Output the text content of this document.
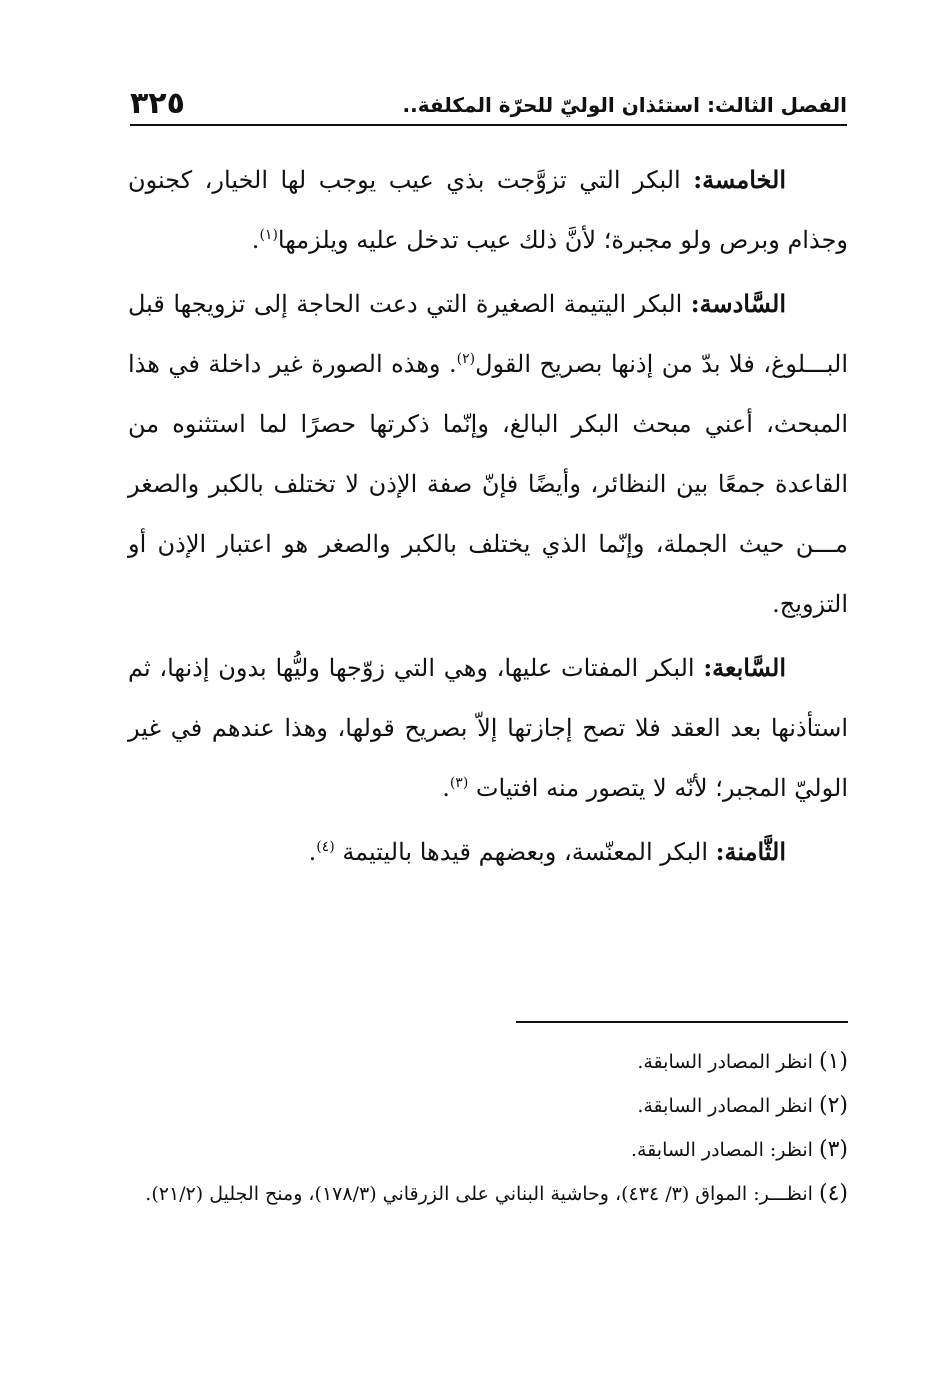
الفصل الثالث: استئذان الوليّ للحرّة المكلفة..
٣٢٥

الخامسة: البكر التي تزوَّجت بذي عيب يوجب لها الخيار، كجنون وجذام وبرص ولو مجبرة؛ لأنَّ ذلك عيب تدخل عليه ويلزمها$^{(١)}$.

السَّادسة: البكر اليتيمة الصغيرة التي دعت الحاجة إلى تزويجها قبل البـــلوغ، فلا بدّ من إذنها بصريح القول$^{(٢)}$. وهذه الصورة غير داخلة في هذا المبحث، أعني مبحث البكر البالغ، وإنّما ذكرتها حصرًا لما استثنوه من القاعدة جمعًا بين النظائر، وأيضًا فإنّ صفة الإذن لا تختلف بالكبر والصغر مـــن حيث الجملة، وإنّما الذي يختلف بالكبر والصغر هو اعتبار الإذن أو التزويج.

السَّابعة: البكر المفتات عليها، وهي التي زوّجها وليُّها بدون إذنها، ثم استأذنها بعد العقد فلا تصح إجازتها إلاّ بصريح قولها، وهذا عندهم في غير الوليّ المجبر؛ لأنّه لا يتصور منه افتيات $^{(٣)}$.

الثَّامنة: البكر المعنّسة، وبعضهم قيدها باليتيمة $^{(٤)}$.

(١) انظر المصادر السابقة.

(٢) انظر المصادر السابقة.

(٣) انظر: المصادر السابقة.

(٤) انظـــر: المواق (٣/ ٤٣٤)، وحاشية البناني على الزرقاني (١٧٨/٣)، ومنح الجليل (٢١/٢).
